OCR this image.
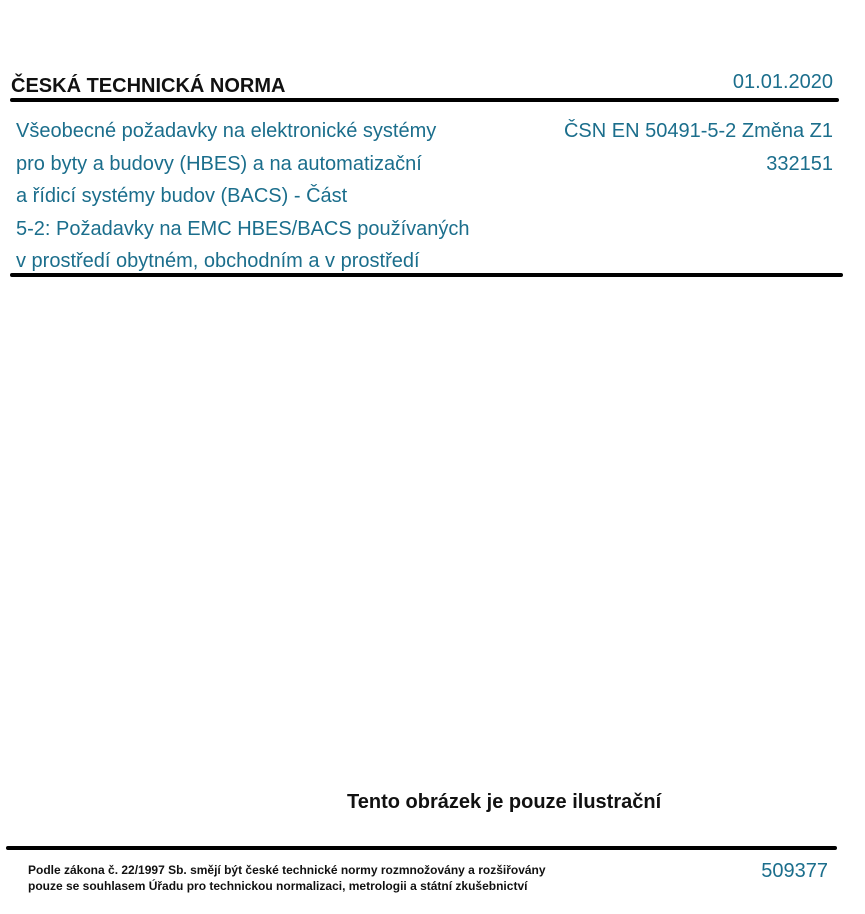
ČESKÁ TECHNICKÁ NORMA	01.01.2020
Všeobecné požadavky na elektronické systémy
pro byty a budovy (HBES) a na automatizační
a řídicí systémy budov (BACS) - Část
5-2: Požadavky na EMC HBES/BACS používaných
v prostředí obytném, obchodním a v prostředí
ČSN EN 50491-5-2 Změna Z1
332151
Tento obrázek je pouze ilustrační
Podle zákona č. 22/1997 Sb. smějí být české technické normy rozmnožovány a rozšiřovány
pouze se souhlasem Úřadu pro technickou normalizaci, metrologii a státní zkušebnictví
509377
